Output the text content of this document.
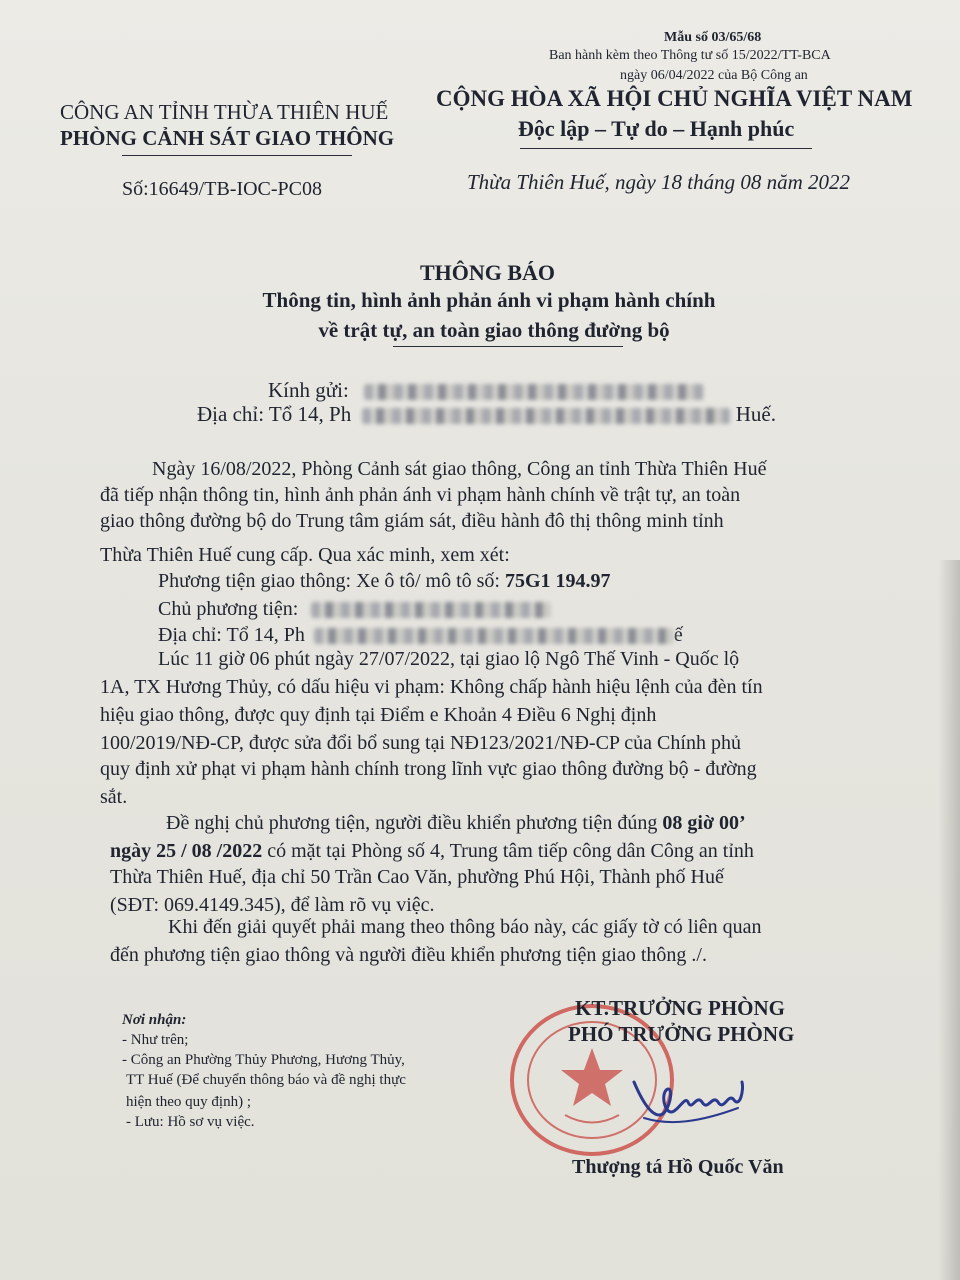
Mẫu số 03/65/68
Ban hành kèm theo Thông tư số 15/2022/TT-BCA
ngày 06/04/2022 của Bộ Công an
CÔNG AN TỈNH THỪA THIÊN HUẾ
PHÒNG CẢNH SÁT GIAO THÔNG
CỘNG HÒA XÃ HỘI CHỦ NGHĨA VIỆT NAM
Độc lập – Tự do – Hạnh phúc
Số:16649/TB-IOC-PC08	Thừa Thiên Huế, ngày 18 tháng 08 năm 2022
THÔNG BÁO
Thông tin, hình ảnh phản ánh vi phạm hành chính
về trật tự, an toàn giao thông đường bộ
Kính gửi:
Địa chỉ: Tổ 14, Ph	Huế.
Ngày 16/08/2022, Phòng Cảnh sát giao thông, Công an tỉnh Thừa Thiên Huế
đã tiếp nhận thông tin, hình ảnh phản ánh vi phạm hành chính về trật tự, an toàn
giao thông đường bộ do Trung tâm giám sát, điều hành đô thị thông minh tỉnh
Thừa Thiên Huế cung cấp. Qua xác minh, xem xét:
Phương tiện giao thông: Xe ô tô/ mô tô số: 75G1 194.97
Chủ phương tiện:
Địa chỉ: Tổ 14, Ph	ế
Lúc 11 giờ 06 phút ngày 27/07/2022, tại giao lộ Ngô Thế Vinh - Quốc lộ
1A, TX Hương Thủy, có dấu hiệu vi phạm: Không chấp hành hiệu lệnh của đèn tín
hiệu giao thông, được quy định tại Điểm e Khoản 4 Điều 6 Nghị định
100/2019/NĐ-CP, được sửa đổi bổ sung tại NĐ123/2021/NĐ-CP của Chính phủ
quy định xử phạt vi phạm hành chính trong lĩnh vực giao thông đường bộ - đường
sắt.
Đề nghị chủ phương tiện, người điều khiển phương tiện đúng 08 giờ 00’
ngày 25 / 08 /2022 có mặt tại Phòng số 4, Trung tâm tiếp công dân Công an tỉnh
Thừa Thiên Huế, địa chỉ 50 Trần Cao Văn, phường Phú Hội, Thành phố Huế
(SĐT: 069.4149.345), để làm rõ vụ việc.
Khi đến giải quyết phải mang theo thông báo này, các giấy tờ có liên quan
đến phương tiện giao thông và người điều khiển phương tiện giao thông ./.
Nơi nhận:
- Như trên;
- Công an Phường Thủy Phương, Hương Thủy,
TT Huế (Để chuyển thông báo và đề nghị thực
hiện theo quy định) ;
- Lưu: Hồ sơ vụ việc.
KT.TRƯỞNG PHÒNG
PHÓ TRƯỞNG PHÒNG
Thượng tá Hồ Quốc Văn
